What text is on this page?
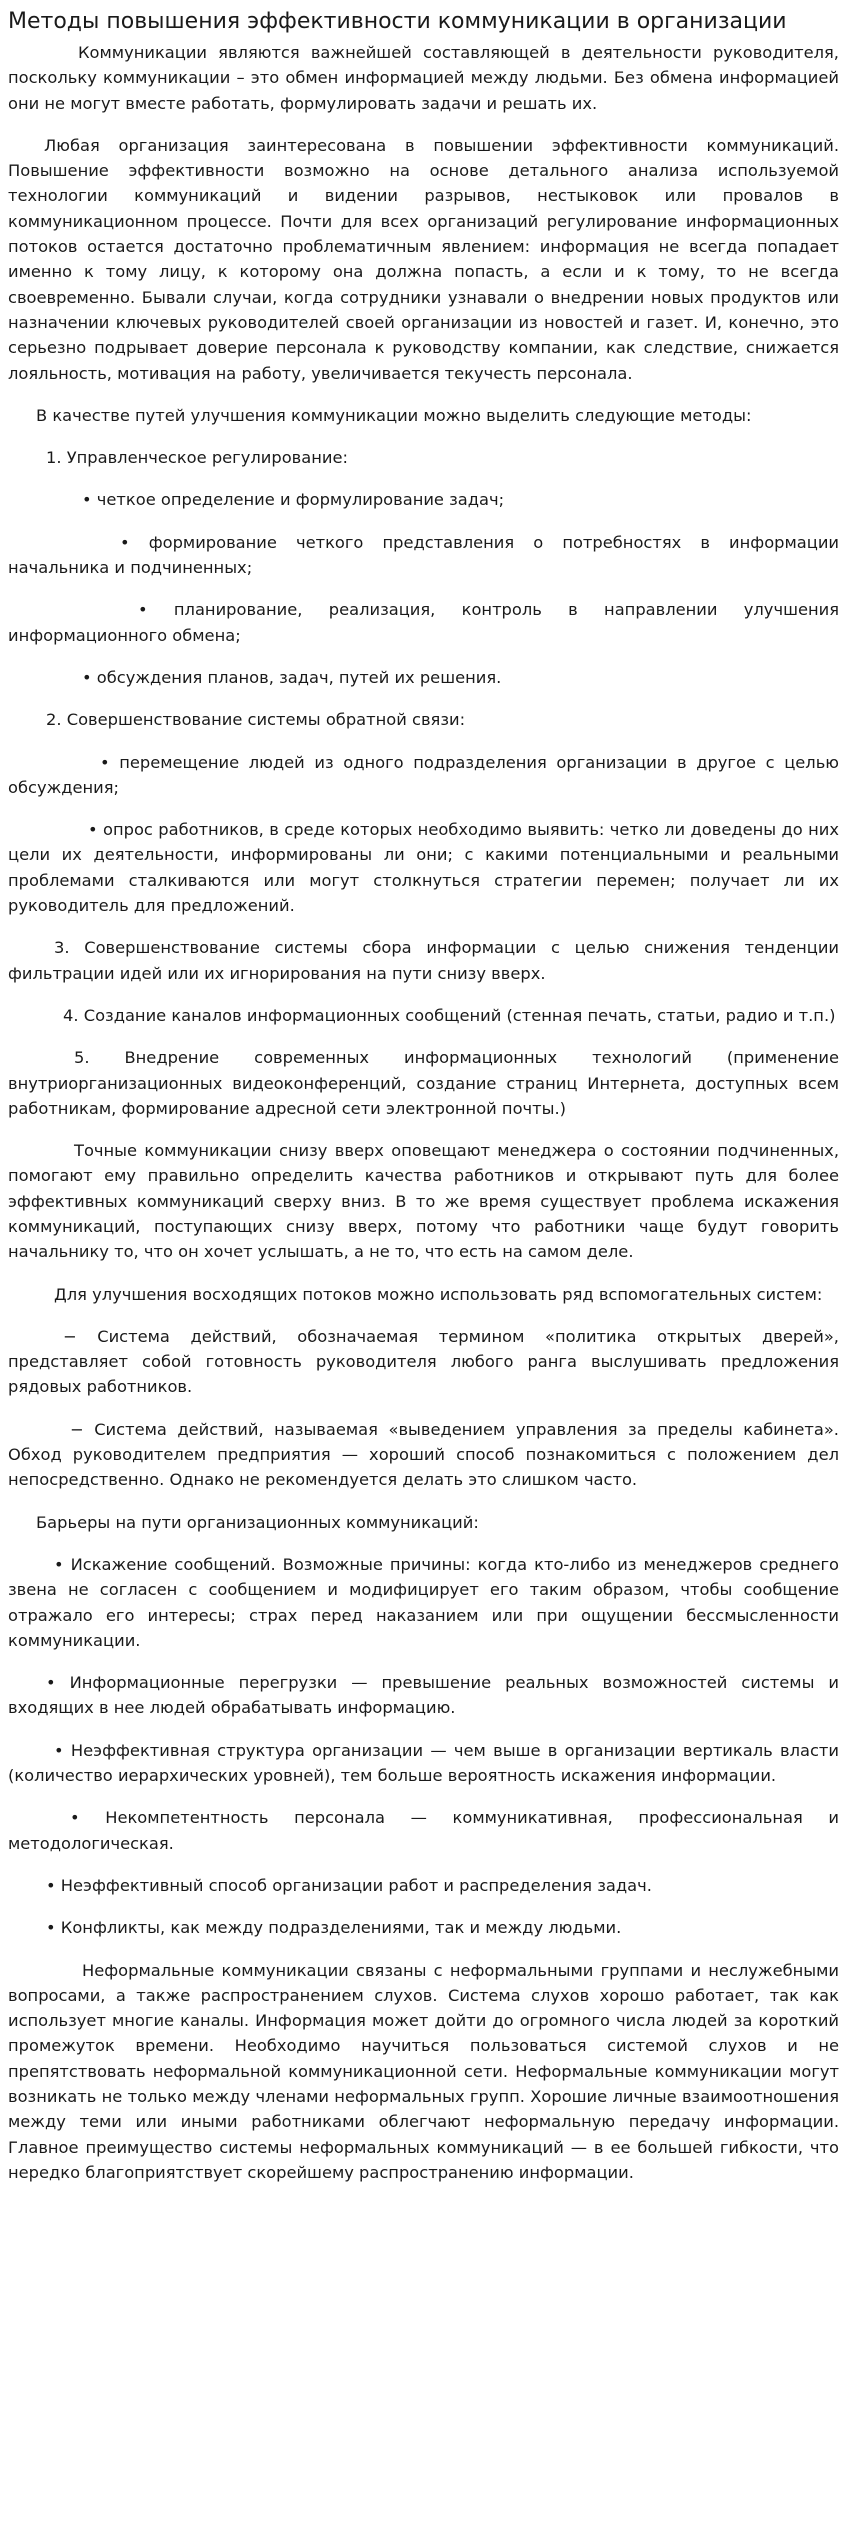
Методы повышения эффективности коммуникации в организации

Коммуникации являются важнейшей составляющей в деятельности руководителя, поскольку коммуникации – это обмен информацией между людьми. Без обмена информацией они не могут вместе работать, формулировать задачи и решать их.

Любая организация заинтересована в повышении эффективности коммуникаций. Повышение эффективности возможно на основе детального анализа используемой технологии коммуникаций и видении разрывов, нестыковок или провалов в коммуникационном процессе. Почти для всех организаций регулирование информационных потоков остается достаточно проблематичным явлением: информация не всегда попадает именно к тому лицу, к которому она должна попасть, а если и к тому, то не всегда своевременно. Бывали случаи, когда сотрудники узнавали о внедрении новых продуктов или назначении ключевых руководителей своей организации из новостей и газет. И, конечно, это серьезно подрывает доверие персонала к руководству компании, как следствие, снижается лояльность, мотивация на работу, увеличивается текучесть персонала.

В качестве путей улучшения коммуникации можно выделить следующие методы:

1. Управленческое регулирование:

• четкое определение и формулирование задач;

• формирование четкого представления о потребностях в информации начальника и подчиненных;

• планирование, реализация, контроль в направлении улучшения информационного обмена;

• обсуждения планов, задач, путей их решения.

2. Совершенствование системы обратной связи:

• перемещение людей из одного подразделения организации в другое с целью обсуждения;

• опрос работников, в среде которых необходимо выявить: четко ли доведены до них цели их деятельности, информированы ли они; с какими потенциальными и реальными проблемами сталкиваются или могут столкнуться стратегии перемен; получает ли их руководитель для предложений.

3. Совершенствование системы сбора информации с целью снижения тенденции фильтрации идей или их игнорирования на пути снизу вверх.

4. Создание каналов информационных сообщений (стенная печать, статьи, радио и т.п.)

5. Внедрение современных информационных технологий (применение внутриорганизационных видеоконференций, создание страниц Интернета, доступных всем работникам, формирование адресной сети электронной почты.)

Точные коммуникации снизу вверх оповещают менеджера о состоянии подчиненных, помогают ему правильно определить качества работников и открывают путь для более эффективных коммуникаций сверху вниз. В то же время существует проблема искажения коммуникаций, поступающих снизу вверх, потому что работники чаще будут говорить начальнику то, что он хочет услышать, а не то, что есть на самом деле.

Для улучшения восходящих потоков можно использовать ряд вспомогательных систем:

− Система действий, обозначаемая термином «политика открытых дверей», представляет собой готовность руководителя любого ранга выслушивать предложения рядовых работников.

− Система действий, называемая «выведением управления за пределы кабинета». Обход руководителем предприятия — хороший способ познакомиться с положением дел непосредственно. Однако не рекомендуется делать это слишком часто.

Барьеры на пути организационных коммуникаций:

• Искажение сообщений. Возможные причины: когда кто-либо из менеджеров среднего звена не согласен с сообщением и модифицирует его таким образом, чтобы сообщение отражало его интересы; страх перед наказанием или при ощущении бессмысленности коммуникации.

• Информационные перегрузки — превышение реальных возможностей системы и входящих в нее людей обрабатывать информацию.

• Неэффективная структура организации — чем выше в организации вертикаль власти (количество иерархических уровней), тем больше вероятность искажения информации.

• Некомпетентность персонала — коммуникативная, профессиональная и методологическая.

• Неэффективный способ организации работ и распределения задач.

• Конфликты, как между подразделениями, так и между людьми.

Неформальные коммуникации связаны с неформальными группами и неслужебными вопросами, а также распространением слухов. Система слухов хорошо работает, так как использует многие каналы. Информация может дойти до огромного числа людей за короткий промежуток времени. Необходимо научиться пользоваться системой слухов и не препятствовать неформальной коммуникационной сети. Неформальные коммуникации могут возникать не только между членами неформальных групп. Хорошие личные взаимоотношения между теми или иными работниками облегчают неформальную передачу информации. Главное преимущество системы неформальных коммуникаций — в ее большей гибкости, что нередко благоприятствует скорейшему распространению информации.
